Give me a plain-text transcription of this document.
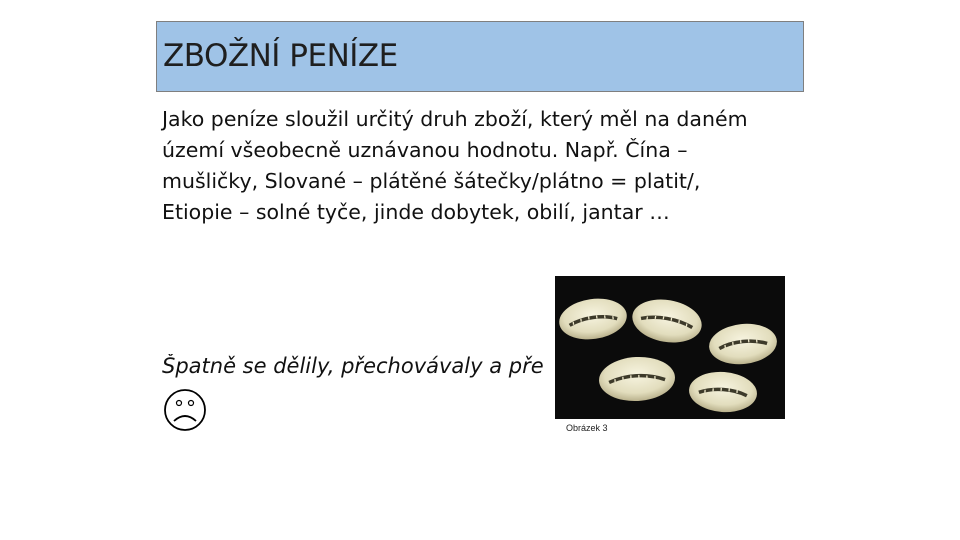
ZBOŽNÍ PENÍZE
Jako peníze sloužil určitý druh zboží, který měl na daném
území všeobecně uznávanou hodnotu. Např. Čína –
mušličky, Slované – plátěné šátečky/plátno = platit/,
Etiopie – solné tyče, jinde dobytek, obilí, jantar …
Špatně se dělily, přechovávaly a pře
Obrázek 3
